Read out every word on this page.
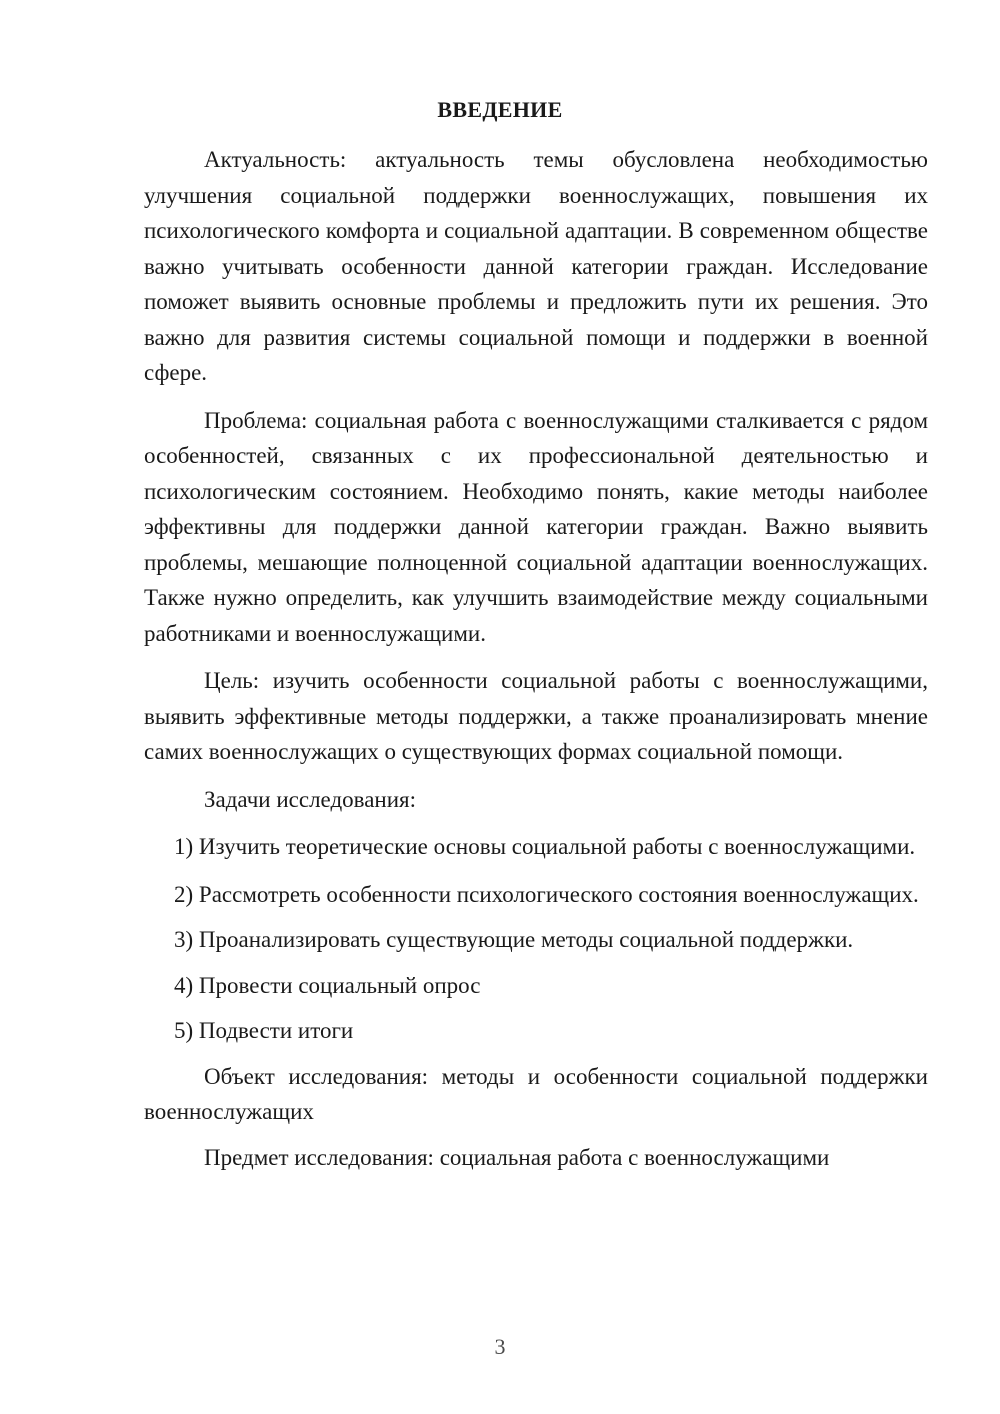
ВВЕДЕНИЕ

Актуальность: актуальность темы обусловлена необходимостью улучшения социальной поддержки военнослужащих, повышения их психологического комфорта и социальной адаптации. В современном обществе важно учитывать особенности данной категории граждан. Исследование поможет выявить основные проблемы и предложить пути их решения. Это важно для развития системы социальной помощи и поддержки в военной сфере.

Проблема: социальная работа с военнослужащими сталкивается с рядом особенностей, связанных с их профессиональной деятельностью и психологическим состоянием. Необходимо понять, какие методы наиболее эффективны для поддержки данной категории граждан. Важно выявить проблемы, мешающие полноценной социальной адаптации военнослужащих. Также нужно определить, как улучшить взаимодействие между социальными работниками и военнослужащими.

Цель: изучить особенности социальной работы с военнослужащими, выявить эффективные методы поддержки, а также проанализировать мнение самих военнослужащих о существующих формах социальной помощи.

Задачи исследования:

1) Изучить теоретические основы социальной работы с военнослужащими.

2) Рассмотреть особенности психологического состояния военнослужащих.

3) Проанализировать существующие методы социальной поддержки.

4) Провести социальный опрос

5) Подвести итоги

Объект исследования: методы и особенности социальной поддержки военнослужащих

Предмет исследования: социальная работа с военнослужащими

3
